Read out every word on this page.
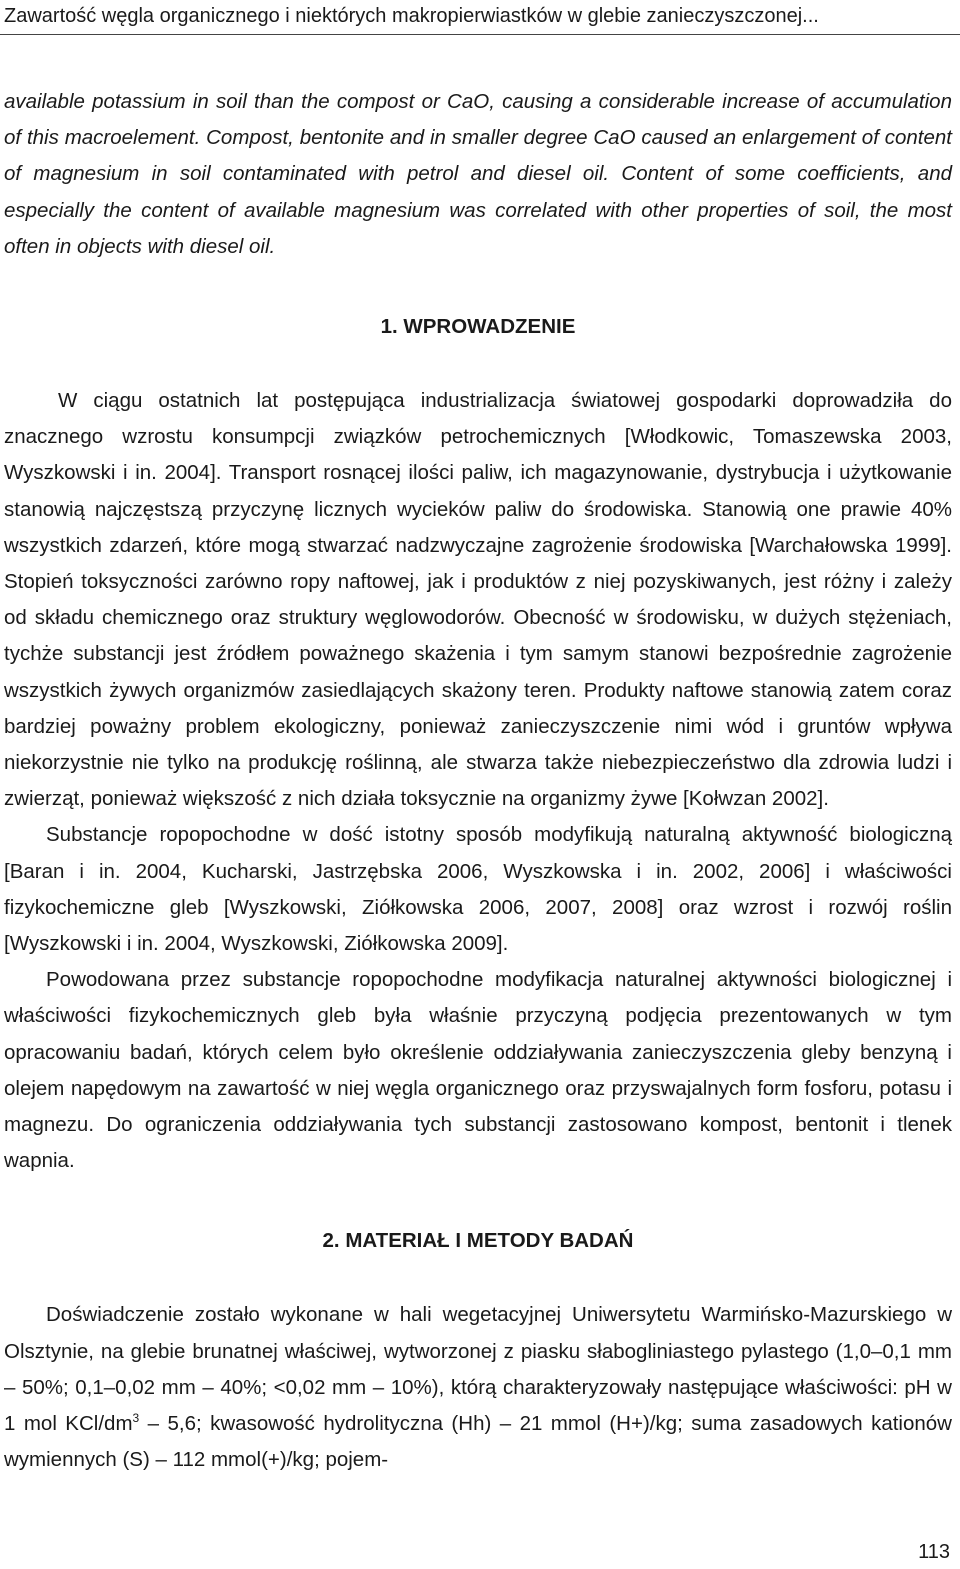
Zawartość węgla organicznego i niektórych makropierwiastków w glebie zanieczyszczonej...

available potassium in soil than the compost or CaO, causing a considerable increase of accumulation of this macroelement. Compost, bentonite and in smaller degree CaO caused an enlargement of content of magnesium in soil contaminated with petrol and diesel oil. Content of some coefficients, and especially the content of available magnesium was correlated with other properties of soil, the most often in objects with diesel oil.

1. WPROWADZENIE

W ciągu ostatnich lat postępująca industrializacja światowej gospodarki doprowadziła do znacznego wzrostu konsumpcji związków petrochemicznych [Włodkowic, Tomaszewska 2003, Wyszkowski i in. 2004]. Transport rosnącej ilości paliw, ich magazynowanie, dystrybucja i użytkowanie stanowią najczęstszą przyczynę licznych wycieków paliw do środowiska. Stanowią one prawie 40% wszystkich zdarzeń, które mogą stwarzać nadzwyczajne zagrożenie środowiska [Warchałowska 1999]. Stopień toksyczności zarówno ropy naftowej, jak i produktów z niej pozyskiwanych, jest różny i zależy od składu chemicznego oraz struktury węglowodorów. Obecność w środowisku, w dużych stężeniach, tychże substancji jest źródłem poważnego skażenia i tym samym stanowi bezpośrednie zagrożenie wszystkich żywych organizmów zasiedlających skażony teren. Produkty naftowe stanowią zatem coraz bardziej poważny problem ekologiczny, ponieważ zanieczyszczenie nimi wód i gruntów wpływa niekorzystnie nie tylko na produkcję roślinną, ale stwarza także niebezpieczeństwo dla zdrowia ludzi i zwierząt, ponieważ większość z nich działa toksycznie na organizmy żywe [Kołwzan 2002].

Substancje ropopochodne w dość istotny sposób modyfikują naturalną aktywność biologiczną [Baran i in. 2004, Kucharski, Jastrzębska 2006, Wyszkowska i in. 2002, 2006] i właściwości fizykochemiczne gleb [Wyszkowski, Ziółkowska 2006, 2007, 2008] oraz wzrost i rozwój roślin [Wyszkowski i in. 2004, Wyszkowski, Ziółkowska 2009].

Powodowana przez substancje ropopochodne modyfikacja naturalnej aktywności biologicznej i właściwości fizykochemicznych gleb była właśnie przyczyną podjęcia prezentowanych w tym opracowaniu badań, których celem było określenie oddziaływania zanieczyszczenia gleby benzyną i olejem napędowym na zawartość w niej węgla organicznego oraz przyswajalnych form fosforu, potasu i magnezu. Do ograniczenia oddziaływania tych substancji zastosowano kompost, bentonit i tlenek wapnia.

2. MATERIAŁ I METODY BADAŃ

Doświadczenie zostało wykonane w hali wegetacyjnej Uniwersytetu Warmińsko-Mazurskiego w Olsztynie, na glebie brunatnej właściwej, wytworzonej z piasku słabogliniastego pylastego (1,0–0,1 mm – 50%; 0,1–0,02 mm – 40%; <0,02 mm – 10%), którą charakteryzowały następujące właściwości: pH w 1 mol KCl/$dm^3 - 5,6$; kwasowość hydrolityczna (Hh) – 21 mmol (H+)/kg; suma zasadowych kationów wymiennych (S) – 112 mmol(+)/kg; pojem-

113
